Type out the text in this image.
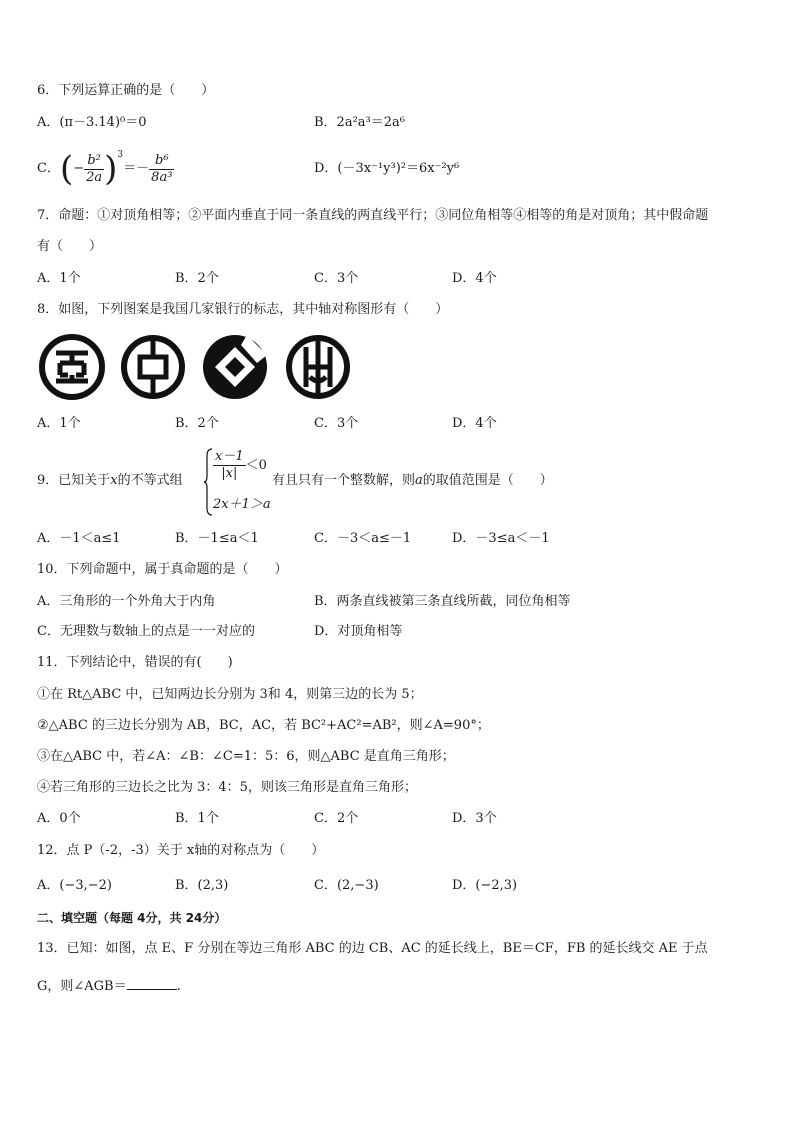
6．下列运算正确的是（　　）
A．(π－3.14)⁰＝0	B．2a²a³＝2a⁶
C． ( − $\frac{\text{b²}}{2a} )^3$
＝－ $\frac{\text{b⁶}}{\text{8a³}}$	D．(－3x⁻¹y³)²＝6x⁻²y⁶
7．命题：①对顶角相等；②平面内垂直于同一条直线的两直线平行；③同位角相等④相等的角是对顶角；其中假命题
有（　　）
A．1个	B．2个	C．3个	D．4个
8．如图，下列图案是我国几家银行的标志，其中轴对称图形有（　　）
A．1个	B．2个	C．3个	D．4个
9．已知关于x的不等式组 $\frac{x-1}{|x|} <0$
2x＋1＞a
有且只有一个整数解，则a的取值范围是（　　）
A．－1＜a≤1	B．－1≤a＜1	C．－3＜a≤－1	D．－3≤a＜－1
10．下列命题中，属于真命题的是（　　）
A．三角形的一个外角大于内角	B．两条直线被第三条直线所截，同位角相等
C．无理数与数轴上的点是一一对应的	D．对顶角相等
11．下列结论中，错误的有(　　)
①在 Rt△ABC 中，已知两边长分别为 3和 4，则第三边的长为 5；
②△ABC 的三边长分别为 AB，BC，AC，若 BC²+AC²=AB²，则∠A=90°；
③在△ABC 中，若∠A：∠B：∠C=1：5：6，则△ABC 是直角三角形；
④若三角形的三边长之比为 3：4：5，则该三角形是直角三角形；
A．0个	B．1个	C．2个	D．3个
12．点 P（-2，-3）关于 x轴的对称点为（　　）
A．(−3,−2)	B．(2,3)	C．(2,−3)	D．(−2,3)
二、填空题（每题 4分，共 24分）
13．已知：如图，点 E、F 分别在等边三角形 ABC 的边 CB、AC 的延长线上，BE＝CF，FB 的延长线交 AE 于点
G，则∠AGB＝	.
